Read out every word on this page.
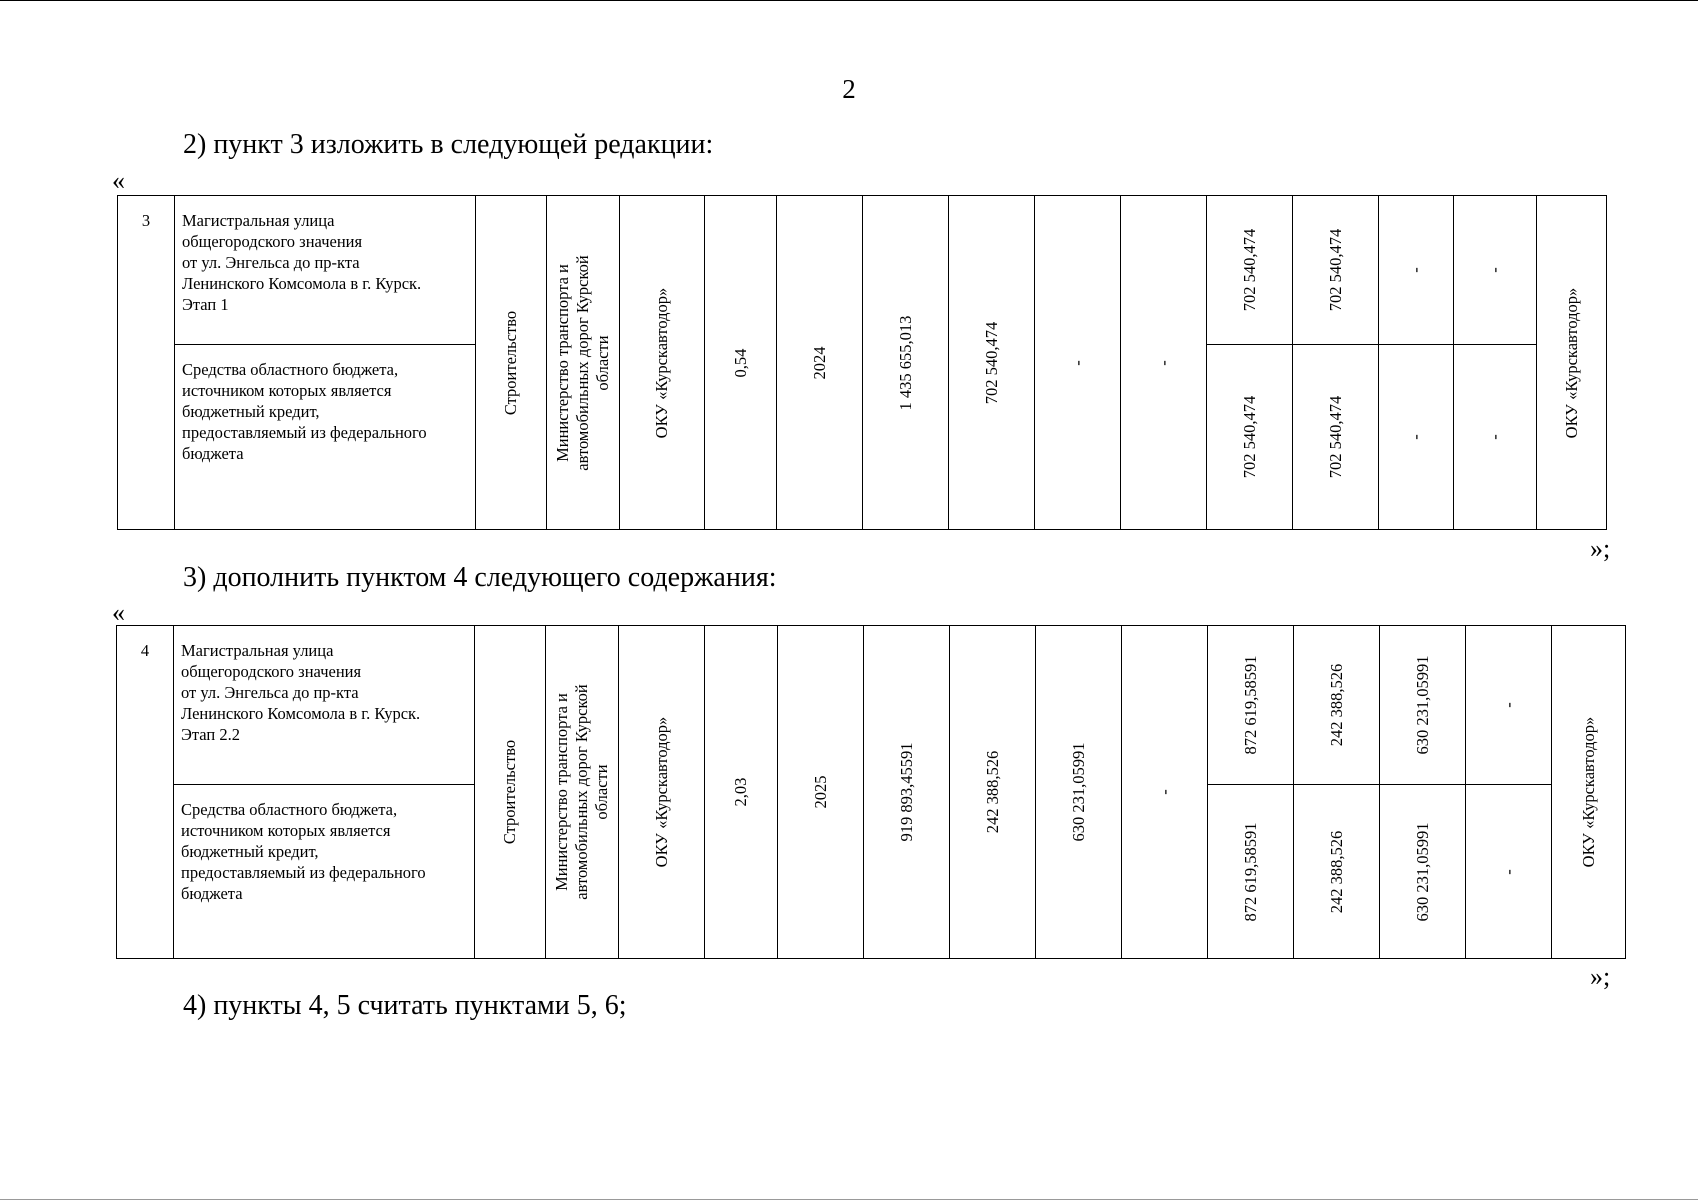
2
2) пункт 3 изложить в следующей редакции:
«
3	Магистральная улица
общегородского значения
от ул. Энгельса до пр-кта
Ленинского Комсомола в г. Курск.
Этап 1	Строительство	Министерство транспорта и автомобильных дорог Курской области	ОКУ «Курскавтодор»	0,54	2024	1 435 655,013	702 540,474	-	-	702 540,474	702 540,474	-	-	ОКУ «Курскавтодор»

	Средства областного бюджета,
источником которых является
бюджетный кредит,
предоставляемый из федерального
бюджета										702 540,474	702 540,474	-	-	
»;
3) дополнить пунктом 4 следующего содержания:
«
4	Магистральная улица
общегородского значения
от ул. Энгельса до пр-кта
Ленинского Комсомола в г. Курск.
Этап 2.2	Строительство	Министерство транспорта и автомобильных дорог Курской области	ОКУ «Курскавтодор»	2,03	2025	919 893,45591	242 388,526	630 231,05991	-	872 619,58591	242 388,526	630 231,05991	-	ОКУ «Курскавтодор»

	Средства областного бюджета,
источником которых является
бюджетный кредит,
предоставляемый из федерального
бюджета										872 619,58591	242 388,526	630 231,05991	-	
»;
4) пункты 4, 5 считать пунктами 5, 6;
